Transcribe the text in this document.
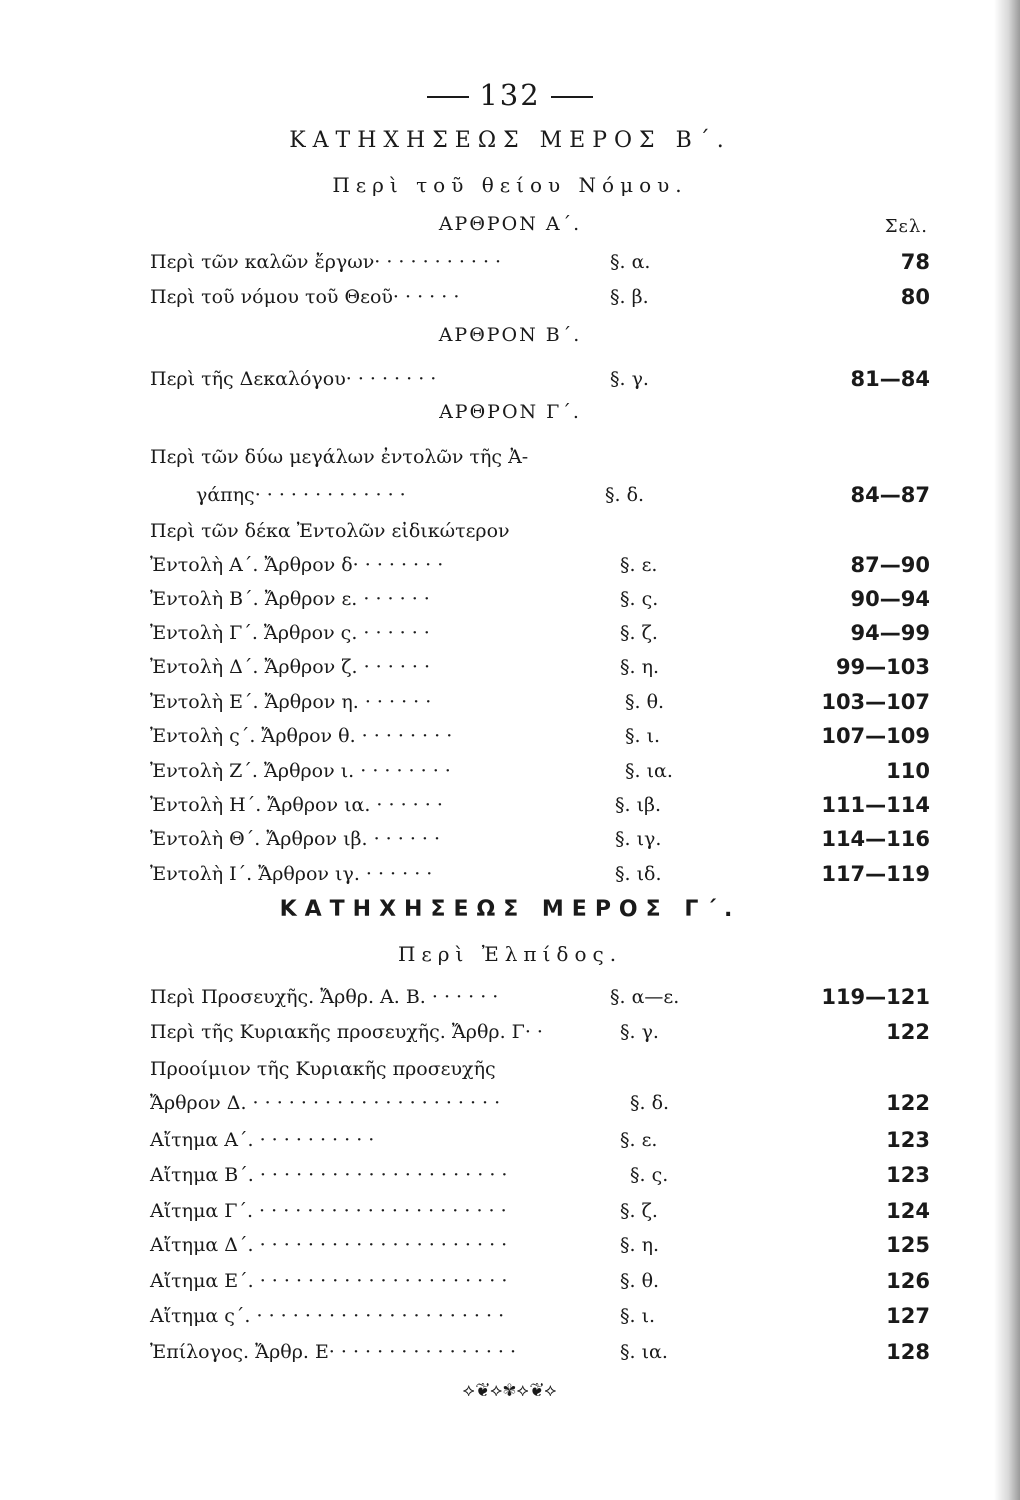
132
ΚΑΤΗΧΗΣΕΩΣ ΜΕΡΟΣ Β΄.
Περὶ τοῦ θείου Νόμου.
ΑΡΘΡΟΝ Α΄.	Σελ.
Περὶ τῶν καλῶν ἔργων· · · · · · · · · · ·	§. α.	78
Περὶ τοῦ νόμου τοῦ Θεοῦ· · · · · ·	§. β.	80
ΑΡΘΡΟΝ Β΄.
Περὶ τῆς Δεκαλόγου· · · · · · · ·	§. γ.	81—84
ΑΡΘΡΟΝ Γ΄.
Περὶ τῶν δύω μεγάλων ἐντολῶν τῆς Ἀ-
γάπης· · · · · · · · · · · · ·	§. δ.	84—87
Περὶ τῶν δέκα Ἐντολῶν εἰδικώτερον
Ἐντολὴ Α΄. Ἄρθρον δ· · · · · · · ·	§. ε.	87—90
Ἐντολὴ Β΄. Ἄρθρον ε. · · · · · ·	§. ς.	90—94
Ἐντολὴ Γ΄. Ἄρθρον ς. · · · · · ·	§. ζ.	94—99
Ἐντολὴ Δ΄. Ἄρθρον ζ. · · · · · ·	§. η.	99—103
Ἐντολὴ Ε΄. Ἄρθρον η. · · · · · ·	§. θ.	103—107
Ἐντολὴ ς΄. Ἄρθρον θ. · · · · · · · ·	§. ι.	107—109
Ἐντολὴ Ζ΄. Ἄρθρον ι. · · · · · · · ·	§. ια.	110
Ἐντολὴ Η΄. Ἄρθρον ια. · · · · · ·	§. ιβ.	111—114
Ἐντολὴ Θ΄. Ἄρθρον ιβ. · · · · · ·	§. ιγ.	114—116
Ἐντολὴ Ι΄. Ἄρθρον ιγ. · · · · · ·	§. ιδ.	117—119
ΚΑΤΗΧΗΣΕΩΣ ΜΕΡΟΣ Γ΄.
Περὶ Ἐλπίδος.
Περὶ Προσευχῆς. Ἄρθρ. Α. Β. · · · · · ·	§. α—ε.	119—121
Περὶ τῆς Κυριακῆς προσευχῆς. Ἄρθρ. Γ· ·	§. γ.	122
Προοίμιον τῆς Κυριακῆς προσευχῆς
Ἄρθρον Δ. · · · · · · · · · · · · · · · · · · · · ·	§. δ.	122
Αἴτημα Α΄. · · · · · · · · · ·	§. ε.	123
Αἴτημα Β΄. · · · · · · · · · · · · · · · · · · · · ·	§. ς.	123
Αἴτημα Γ΄. · · · · · · · · · · · · · · · · · · · · ·	§. ζ.	124
Αἴτημα Δ΄. · · · · · · · · · · · · · · · · · · · · ·	§. η.	125
Αἴτημα Ε΄. · · · · · · · · · · · · · · · · · · · · ·	§. θ.	126
Αἴτημα ς΄. · · · · · · · · · · · · · · · · · · · · ·	§. ι.	127
Ἐπίλογος. Ἄρθρ. Ε· · · · · · · · · · · · · · · ·	§. ια.	128
⟡❦⟡✾⟡❦⟡
